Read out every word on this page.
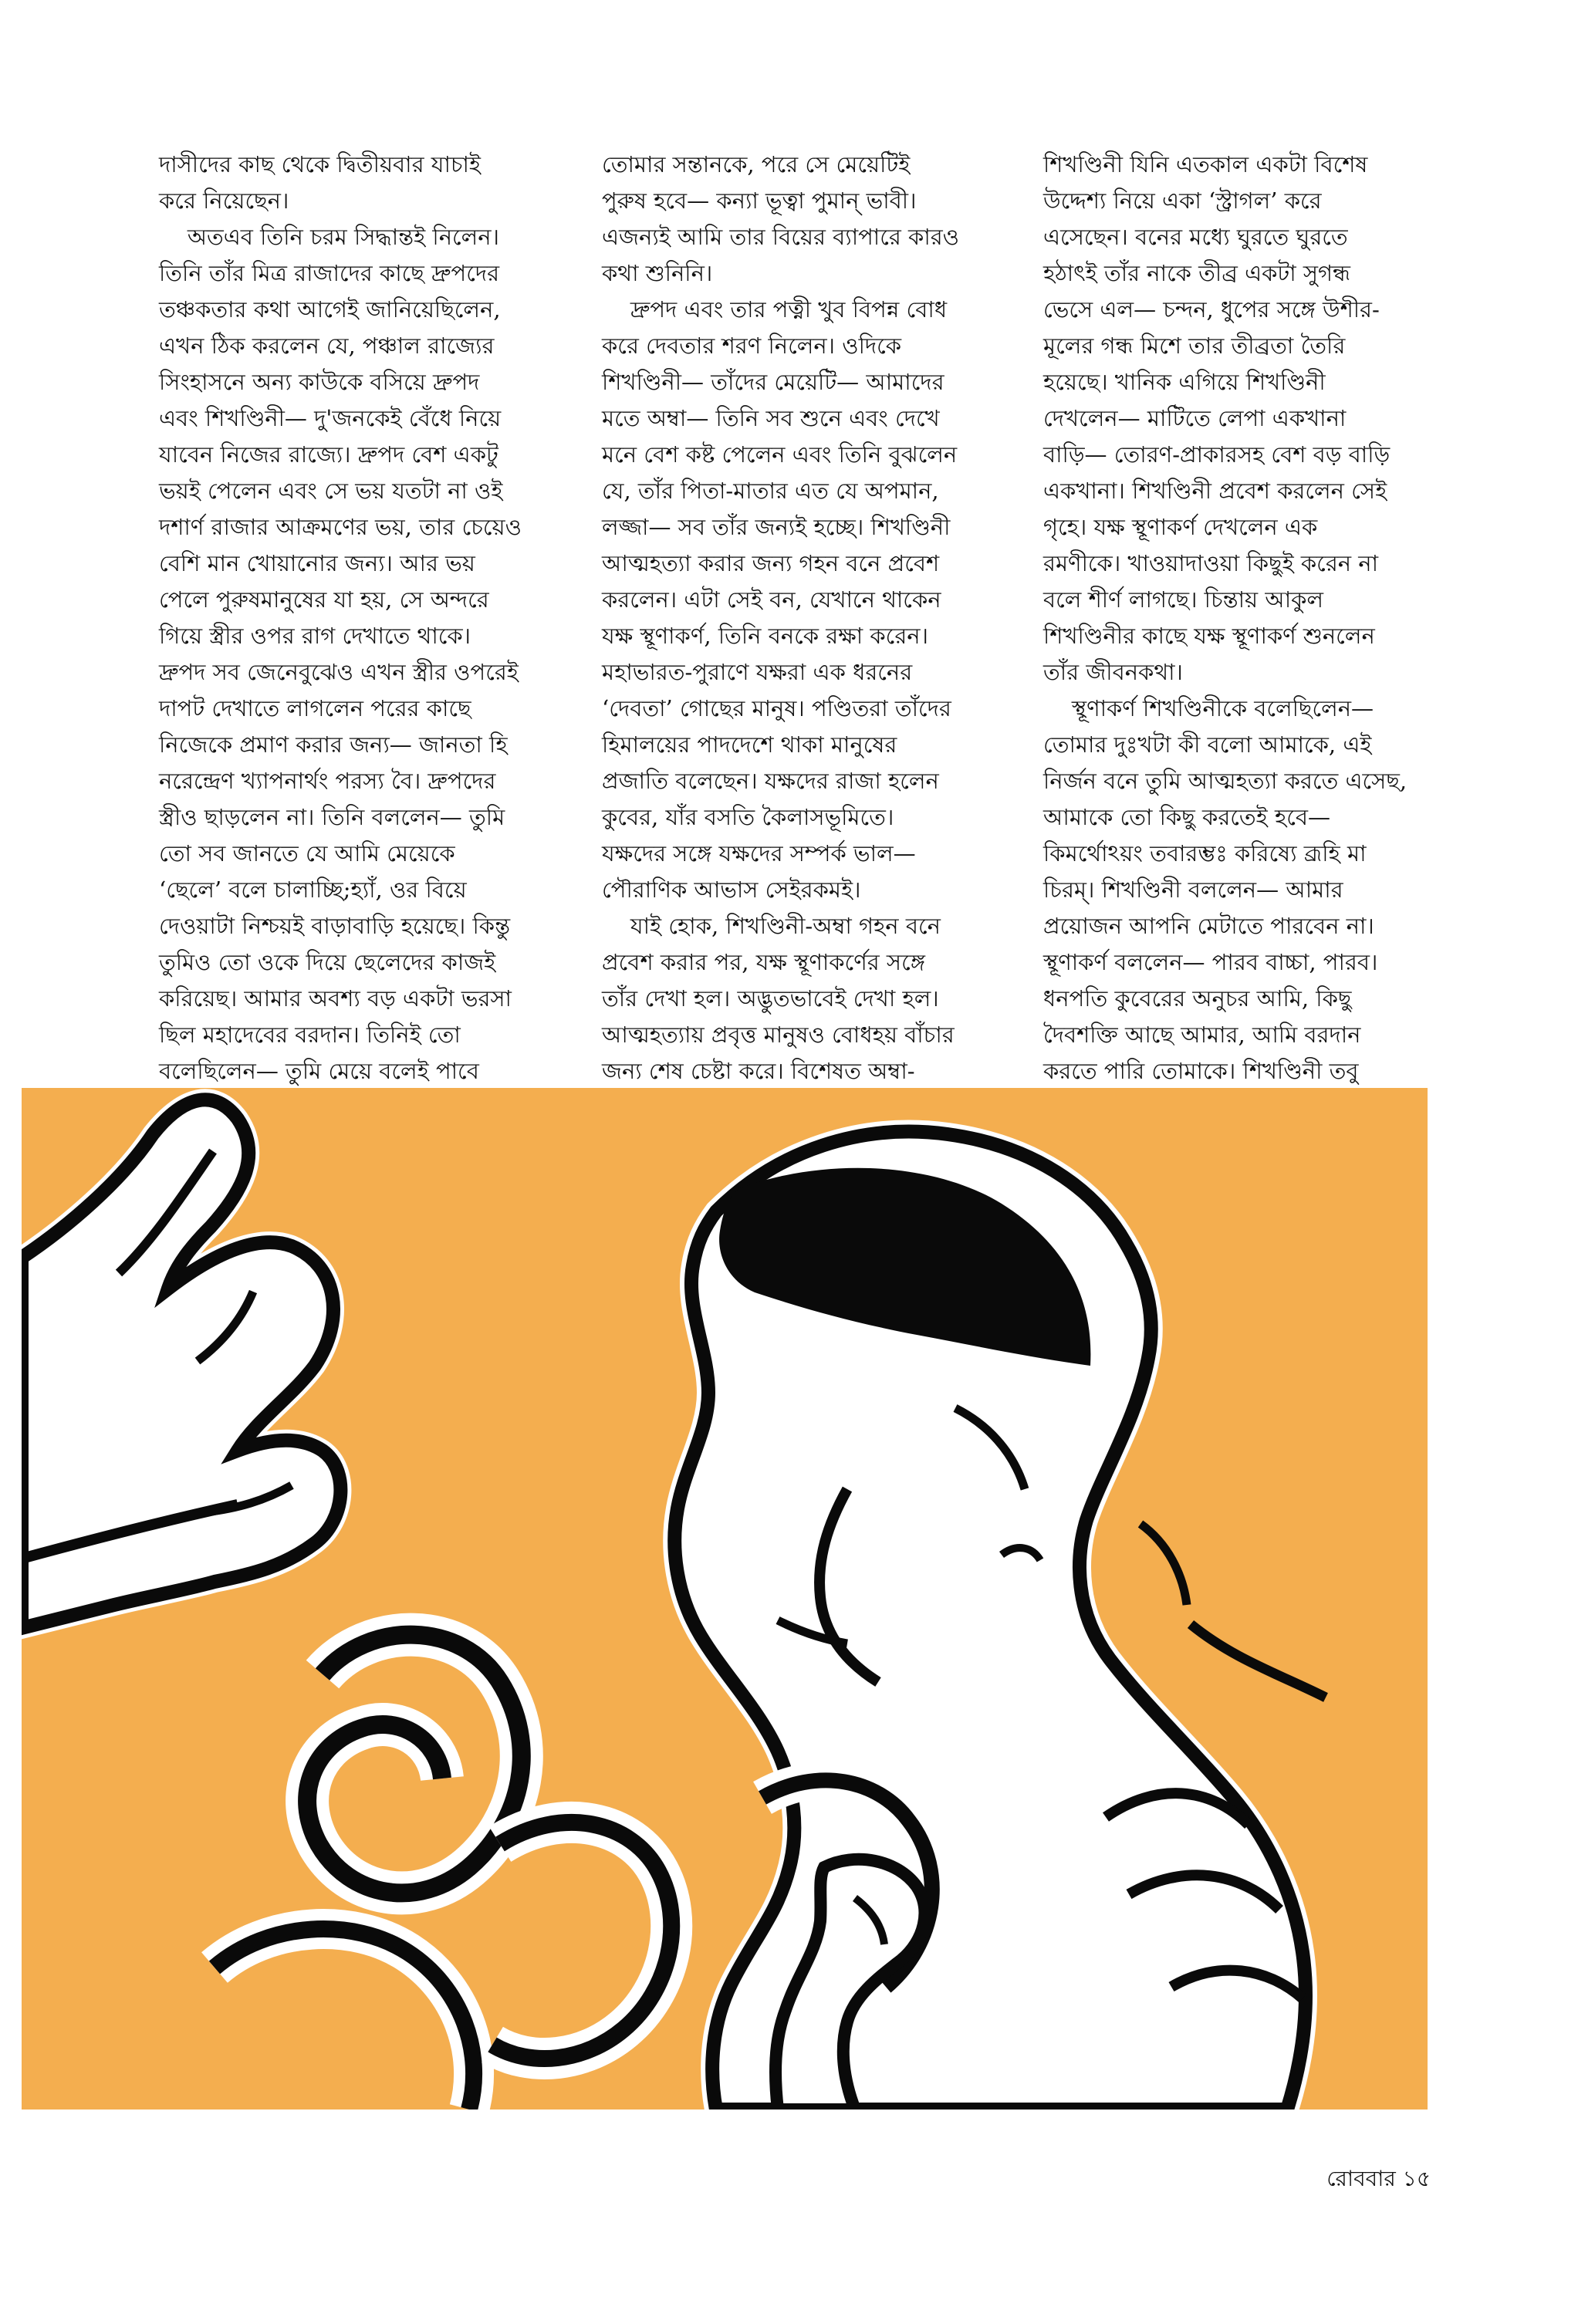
দাসীদের কাছ থেকে দ্বিতীয়বার যাচাই
করে নিয়েছেন।
অতএব তিনি চরম সিদ্ধান্তই নিলেন।
তিনি তাঁর মিত্র রাজাদের কাছে দ্রুপদের
তঞ্চকতার কথা আগেই জানিয়েছিলেন,
এখন ঠিক করলেন যে, পঞ্চাল রাজ্যের
সিংহাসনে অন্য কাউকে বসিয়ে দ্রুপদ
এবং শিখণ্ডিনী— দু'জনকেই বেঁধে নিয়ে
যাবেন নিজের রাজ্যে। দ্রুপদ বেশ একটু
ভয়ই পেলেন এবং সে ভয় যতটা না ওই
দশার্ণ রাজার আক্রমণের ভয়, তার চেয়েও
বেশি মান খোয়ানোর জন্য। আর ভয়
পেলে পুরুষমানুষের যা হয়, সে অন্দরে
গিয়ে স্ত্রীর ওপর রাগ দেখাতে থাকে।
দ্রুপদ সব জেনেবুঝেও এখন স্ত্রীর ওপরেই
দাপট দেখাতে লাগলেন পরের কাছে
নিজেকে প্রমাণ করার জন্য— জানতা হি
নরেন্দ্রেণ খ্যাপনার্থং পরস্য বৈ। দ্রুপদের
স্ত্রীও ছাড়লেন না। তিনি বললেন— তুমি
তো সব জানতে যে আমি মেয়েকে
‘ছেলে’ বলে চালাচ্ছি;হ্যাঁ, ওর বিয়ে
দেওয়াটা নিশ্চয়ই বাড়াবাড়ি হয়েছে। কিন্তু
তুমিও তো ওকে দিয়ে ছেলেদের কাজই
করিয়েছ। আমার অবশ্য বড় একটা ভরসা
ছিল মহাদেবের বরদান। তিনিই তো
বলেছিলেন— তুমি মেয়ে বলেই পাবে
তোমার সন্তানকে, পরে সে মেয়েটিই
পুরুষ হবে— কন্যা ভূত্বা পুমান্ ভাবী।
এজন্যই আমি তার বিয়ের ব্যাপারে কারও
কথা শুনিনি।
দ্রুপদ এবং তার পত্নী খুব বিপন্ন বোধ
করে দেবতার শরণ নিলেন। ওদিকে
শিখণ্ডিনী— তাঁদের মেয়েটি— আমাদের
মতে অম্বা— তিনি সব শুনে এবং দেখে
মনে বেশ কষ্ট পেলেন এবং তিনি বুঝলেন
যে, তাঁর পিতা-মাতার এত যে অপমান,
লজ্জা— সব তাঁর জন্যই হচ্ছে। শিখণ্ডিনী
আত্মহত্যা করার জন্য গহন বনে প্রবেশ
করলেন। এটা সেই বন, যেখানে থাকেন
যক্ষ স্থূণাকর্ণ, তিনি বনকে রক্ষা করেন।
মহাভারত-পুরাণে যক্ষরা এক ধরনের
‘দেবতা’ গোছের মানুষ। পণ্ডিতরা তাঁদের
হিমালয়ের পাদদেশে থাকা মানুষের
প্রজাতি বলেছেন। যক্ষদের রাজা হলেন
কুবের, যাঁর বসতি কৈলাসভূমিতে।
যক্ষদের সঙ্গে যক্ষদের সম্পর্ক ভাল—
পৌরাণিক আভাস সেইরকমই।
যাই হোক, শিখণ্ডিনী-অম্বা গহন বনে
প্রবেশ করার পর, যক্ষ স্থূণাকর্ণের সঙ্গে
তাঁর দেখা হল। অদ্ভুতভাবেই দেখা হল।
আত্মহত্যায় প্রবৃত্ত মানুষও বোধহয় বাঁচার
জন্য শেষ চেষ্টা করে। বিশেষত অম্বা-
শিখণ্ডিনী যিনি এতকাল একটা বিশেষ
উদ্দেশ্য নিয়ে একা ‘স্ট্রাগল’ করে
এসেছেন। বনের মধ্যে ঘুরতে ঘুরতে
হঠাৎই তাঁর নাকে তীব্র একটা সুগন্ধ
ভেসে এল— চন্দন, ধুপের সঙ্গে উশীর-
মূলের গন্ধ মিশে তার তীব্রতা তৈরি
হয়েছে। খানিক এগিয়ে শিখণ্ডিনী
দেখলেন— মাটিতে লেপা একখানা
বাড়ি— তোরণ-প্রাকারসহ বেশ বড় বাড়ি
একখানা। শিখণ্ডিনী প্রবেশ করলেন সেই
গৃহে। যক্ষ স্থূণাকর্ণ দেখলেন এক
রমণীকে। খাওয়াদাওয়া কিছুই করেন না
বলে শীর্ণ লাগছে। চিন্তায় আকুল
শিখণ্ডিনীর কাছে যক্ষ স্থূণাকর্ণ শুনলেন
তাঁর জীবনকথা।
স্থূণাকর্ণ শিখণ্ডিনীকে বলেছিলেন—
তোমার দুঃখটা কী বলো আমাকে, এই
নির্জন বনে তুমি আত্মহত্যা করতে এসেছ,
আমাকে তো কিছু করতেই হবে—
কিমর্থোঽয়ং তবারম্ভঃ করিষ্যে ব্রূহি মা
চিরম্। শিখণ্ডিনী বললেন— আমার
প্রয়োজন আপনি মেটাতে পারবেন না।
স্থূণাকর্ণ বললেন— পারব বাচ্চা, পারব।
ধনপতি কুবেরের অনুচর আমি, কিছু
দৈবশক্তি আছে আমার, আমি বরদান
করতে পারি তোমাকে। শিখণ্ডিনী তবু
রোববার ১৫
